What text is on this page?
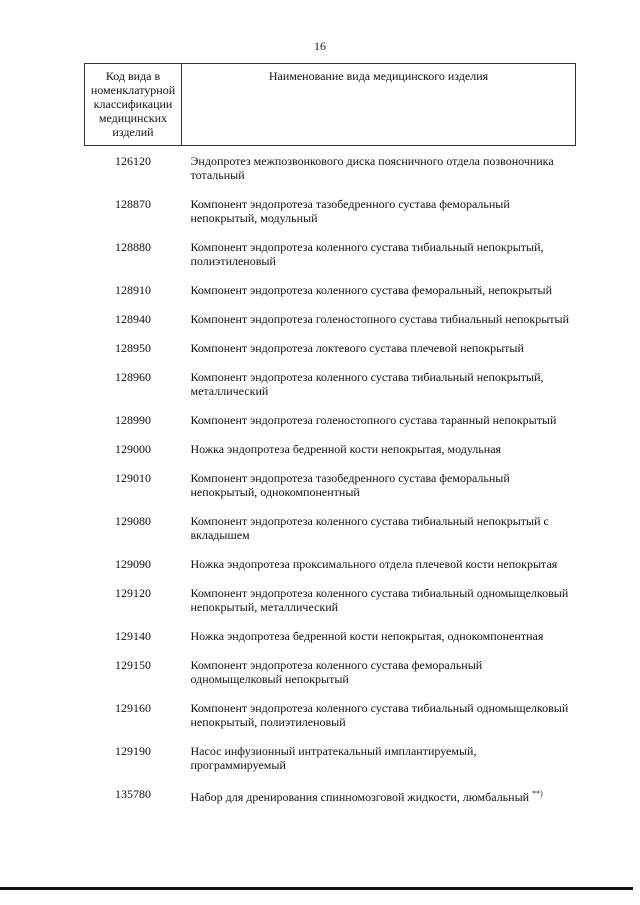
16
Код вида в номенклатурной классификации медицинских изделий	Наименование вида медицинского изделия
126120	Эндопротез межпозвонкового диска поясничного отдела позвоночника тотальный
128870	Компонент эндопротеза тазобедренного сустава феморальный непокрытый, модульный
128880	Компонент эндопротеза коленного сустава тибиальный непокрытый, полиэтиленовый
128910	Компонент эндопротеза коленного сустава феморальный, непокрытый
128940	Компонент эндопротеза голеностопного сустава тибиальный непокрытый
128950	Компонент эндопротеза локтевого сустава плечевой непокрытый
128960	Компонент эндопротеза коленного сустава тибиальный непокрытый, металлический
128990	Компонент эндопротеза голеностопного сустава таранный непокрытый
129000	Ножка эндопротеза бедренной кости непокрытая, модульная
129010	Компонент эндопротеза тазобедренного сустава феморальный непокрытый, однокомпонентный
129080	Компонент эндопротеза коленного сустава тибиальный непокрытый с вкладышем
129090	Ножка эндопротеза проксимального отдела плечевой кости непокрытая
129120	Компонент эндопротеза коленного сустава тибиальный одномыщелковый непокрытый, металлический
129140	Ножка эндопротеза бедренной кости непокрытая, однокомпонентная
129150	Компонент эндопротеза коленного сустава феморальный одномыщелковый непокрытый
129160	Компонент эндопротеза коленного сустава тибиальный одномыщелковый непокрытый, полиэтиленовый
129190	Насос инфузионный интратекальный имплантируемый, программируемый
135780	Набор для дренирования спинномозговой жидкости, люмбальный **)
